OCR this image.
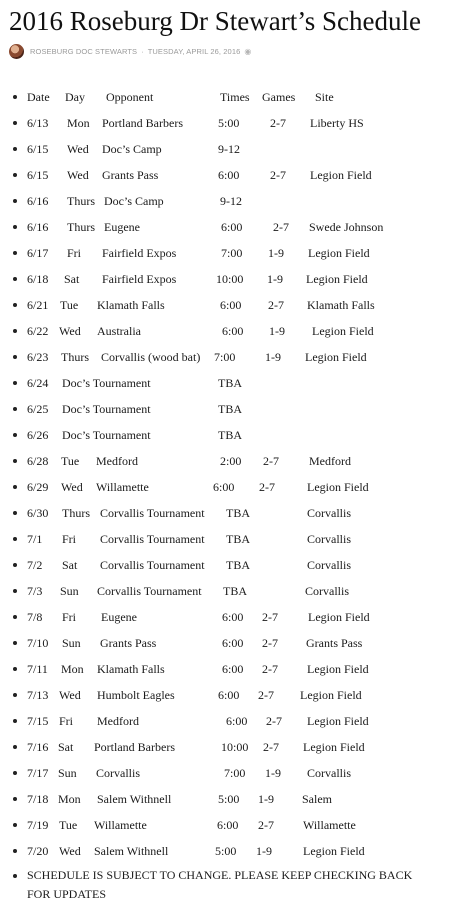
2016 Roseburg Dr Stewart’s Schedule
ROSEBURG DOC STEWARTS · TUESDAY, APRIL 26, 2016 ◉
Date Day Opponent	Times Games Site
6/13 Mon Portland Barbers	5:00	2-7 Liberty HS
6/15 Wed Doc’s Camp	9-12
6/15 Wed Grants Pass	6:00	2-7 Legion Field
6/16 Thurs Doc’s Camp	9-12
6/16 Thurs Eugene	6:00	2-7 Swede Johnson
6/17 Fri Fairfield Expos	7:00 1-9 Legion Field
6/18 Sat Fairfield Expos	10:00 1-9 Legion Field
6/21 Tue Klamath Falls	6:00 2-7 Klamath Falls
6/22 Wed Australia	6:00 1-9 Legion Field
6/23 Thurs Corvallis (wood bat) 7:00 1-9 Legion Field
6/24 Doc’s Tournament	TBA
6/25 Doc’s Tournament	TBA
6/26 Doc’s Tournament	TBA
6/28 Tue Medford	2:00 2-7	Medford
6/29 Wed Willamette	6:00 2-7	Legion Field
6/30 Thurs Corvallis Tournament TBA	Corvallis
7/1 Fri Corvallis Tournament TBA	Corvallis
7/2 Sat Corvallis Tournament TBA	Corvallis
7/3 Sun Corvallis Tournament TBA	Corvallis
7/8 Fri Eugene	6:00 2-7	Legion Field
7/10 Sun Grants Pass	6:00 2-7 Grants Pass
7/11 Mon Klamath Falls	6:00 2-7 Legion Field
7/13 Wed Humbolt Eagles	6:00 2-7 Legion Field
7/15 Fri Medford	6:00 2-7 Legion Field
7/16 Sat Portland Barbers	10:00 2-7 Legion Field
7/17 Sun Corvallis	7:00 1-9 Corvallis
7/18 Mon Salem Withnell	5:00 1-9 Salem
7/19 Tue Willamette	6:00 2-7 Willamette
7/20 Wed Salem Withnell	5:00 1-9	Legion Field
SCHEDULE IS SUBJECT TO CHANGE. PLEASE KEEP CHECKING BACK FOR UPDATES
